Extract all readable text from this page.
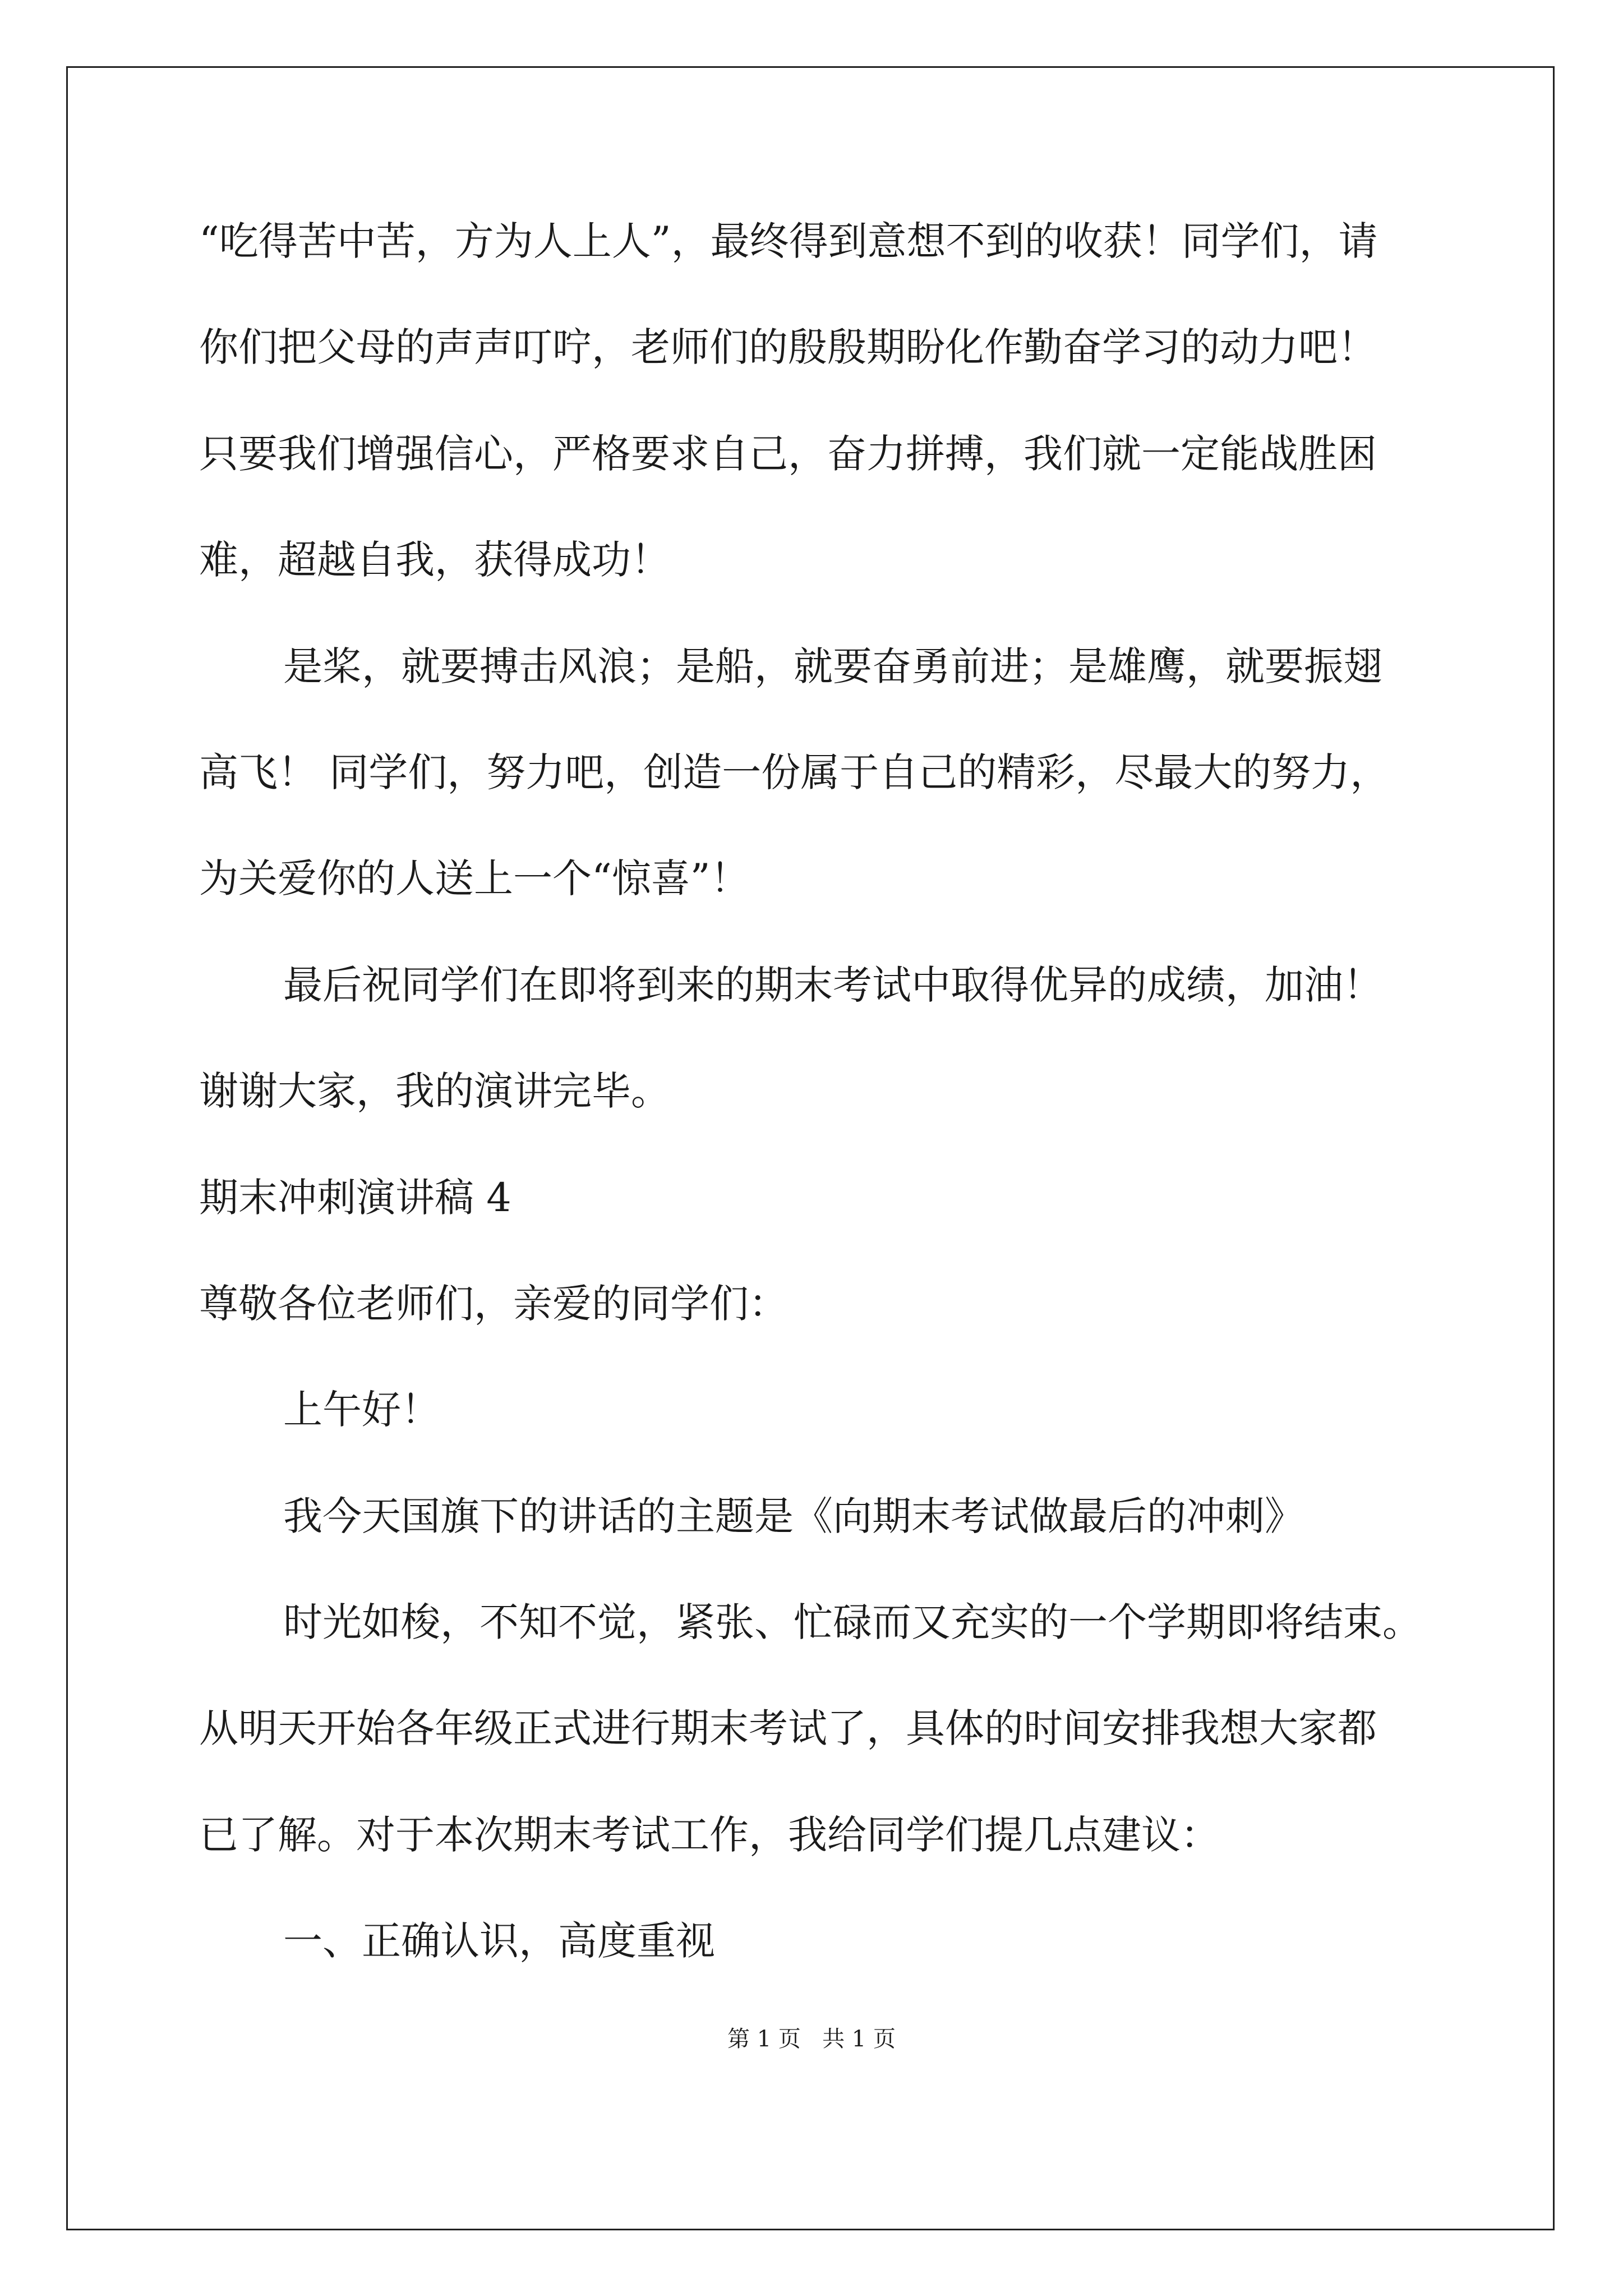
“吃得苦中苦，方为人上人”，最终得到意想不到的收获！同学们，请
你们把父母的声声叮咛，老师们的殷殷期盼化作勤奋学习的动力吧！
只要我们增强信心，严格要求自己，奋力拼搏，我们就一定能战胜困
难，超越自我，获得成功！
是桨，就要搏击风浪；是船，就要奋勇前进；是雄鹰，就要振翅
高飞！ 同学们，努力吧，创造一份属于自己的精彩，尽最大的努力，
为关爱你的人送上一个“惊喜”！
最后祝同学们在即将到来的期末考试中取得优异的成绩，加油！
谢谢大家，我的演讲完毕。
期末冲刺演讲稿 4
尊敬各位老师们，亲爱的同学们：
上午好！
我今天国旗下的讲话的主题是《向期末考试做最后的冲刺》
时光如梭，不知不觉，紧张、忙碌而又充实的一个学期即将结束。
从明天开始各年级正式进行期末考试了，具体的时间安排我想大家都
已了解。对于本次期末考试工作，我给同学们提几点建议：
一、正确认识，高度重视
第 1 页   共 1 页
